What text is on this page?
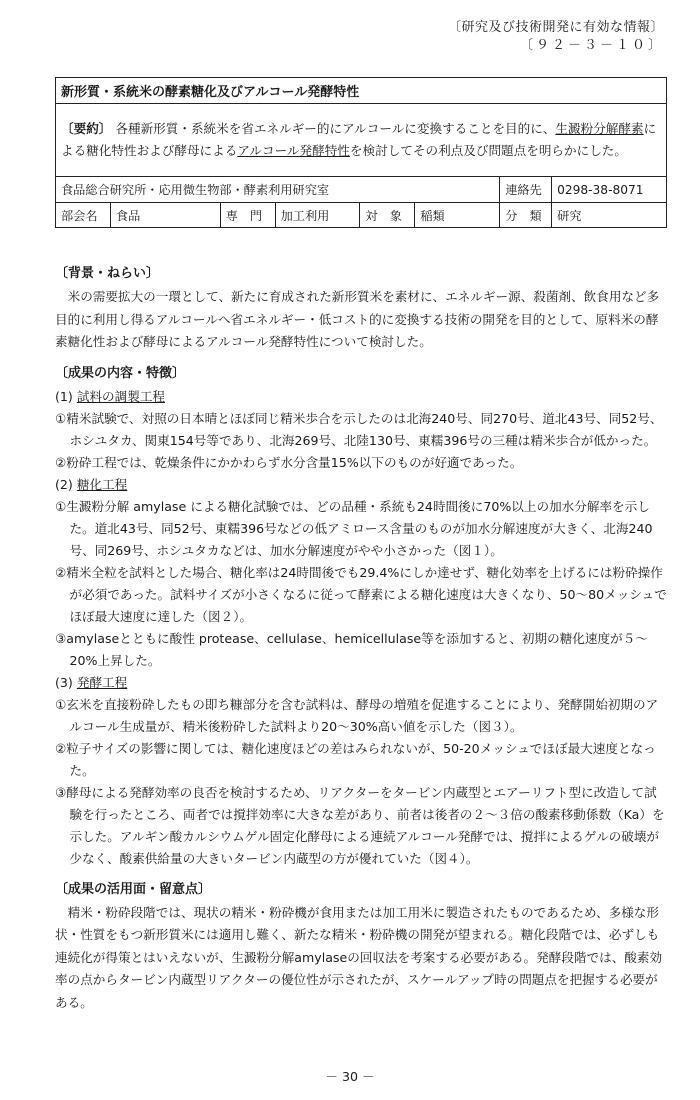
〔研究及び技術開発に有効な情報〕
〔９２－３－１０〕
新形質・系統米の酵素糖化及びアルコール発酵特性							
〔要約〕 各種新形質・系統米を省エネルギー的にアルコールに変換することを目的に、生澱粉分解酵素による糖化特性および酵母によるアルコール発酵特性を検討してその利点及び問題点を明らかにした。							
食品総合研究所・応用微生物部・酵素利用研究室						連絡先	0298-38-8071
部会名	食品	専　門	加工利用	対　象	稲類	分　類	研究
〔背景・ねらい〕

米の需要拡大の一環として、新たに育成された新形質米を素材に、エネルギー源、殺菌剤、飲食用など多目的に利用し得るアルコールへ省エネルギー・低コスト的に変換する技術の開発を目的として、原料米の酵素糖化性および酵母によるアルコール発酵特性について検討した。

〔成果の内容・特徴〕
(1) 試料の調製工程
①精米試験で、対照の日本晴とほぼ同じ精米歩合を示したのは北海240号、同270号、道北43号、同52号、ホシユタカ、関東154号等であり、北海269号、北陸130号、東糯396号の三種は精米歩合が低かった。
②粉砕工程では、乾燥条件にかかわらず水分含量15%以下のものが好適であった。
(2) 糖化工程
①生澱粉分解 amylase による糖化試験では、どの品種・系統も24時間後に70%以上の加水分解率を示した。道北43号、同52号、東糯396号などの低アミロース含量のものが加水分解速度が大きく、北海240号、同269号、ホシユタカなどは、加水分解速度がやや小さかった（図１）。
②精米全粒を試料とした場合、糖化率は24時間後でも29.4%にしか達せず、糖化効率を上げるには粉砕操作が必須であった。試料サイズが小さくなるに従って酵素による糖化速度は大きくなり、50～80メッシュでほぼ最大速度に達した（図２）。
③amylaseとともに酸性 protease、cellulase、hemicellulase等を添加すると、初期の糖化速度が５～20%上昇した。
(3) 発酵工程
①玄米を直接粉砕したもの即ち糠部分を含む試料は、酵母の増殖を促進することにより、発酵開始初期のアルコール生成量が、精米後粉砕した試料より20～30%高い値を示した（図３）。
②粒子サイズの影響に関しては、糖化速度ほどの差はみられないが、50-20メッシュでほぼ最大速度となった。
③酵母による発酵効率の良否を検討するため、リアクターをタービン内蔵型とエアーリフト型に改造して試験を行ったところ、両者では撹拌効率に大きな差があり、前者は後者の２～３倍の酸素移動係数（Ka）を示した。アルギン酸カルシウムゲル固定化酵母による連続アルコール発酵では、撹拌によるゲルの破壊が少なく、酸素供給量の大きいタービン内蔵型の方が優れていた（図４）。
〔成果の活用面・留意点〕

精米・粉砕段階では、現状の精米・粉砕機が食用または加工用米に製造されたものであるため、多様な形状・性質をもつ新形質米には適用し難く、新たな精米・粉砕機の開発が望まれる。糖化段階では、必ずしも連続化が得策とはいえないが、生澱粉分解amylaseの回収法を考案する必要がある。発酵段階では、酸素効率の点からタービン内蔵型リアクターの優位性が示されたが、スケールアップ時の問題点を把握する必要がある。

－ 30 －
